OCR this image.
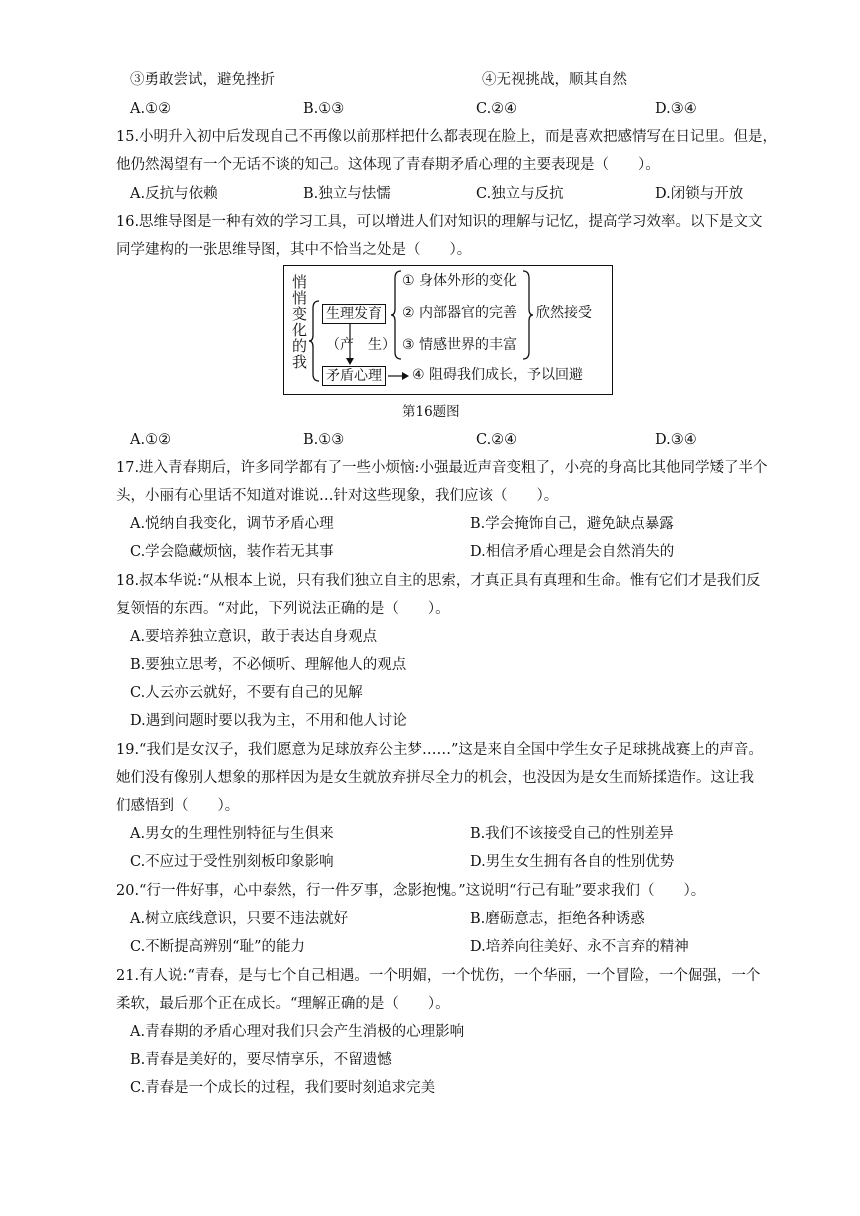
③勇敢尝试，避免挫折	④无视挑战，顺其自然
A.①②	B.①③	C.②④	D.③④
15.小明升入初中后发现自己不再像以前那样把什么都表现在脸上，而是喜欢把感情写在日记里。但是，
他仍然渴望有一个无话不谈的知己。这体现了青春期矛盾心理的主要表现是（　　）。
A.反抗与依赖	B.独立与怯懦	C.独立与反抗	D.闭锁与开放
16.思维导图是一种有效的学习工具，可以增进人们对知识的理解与记忆，提高学习效率。以下是文文
同学建构的一张思维导图，其中不恰当之处是（　　）。
悄悄变化的我 生理发育
（产　生）
矛盾心理
① 身体外形的变化
② 内部器官的完善
③ 情感世界的丰富
欣然接受
④ 阻碍我们成长，予以回避
第16题图
A.①②	B.①③	C.②④	D.③④
17.进入青春期后，许多同学都有了一些小烦恼:小强最近声音变粗了，小亮的身高比其他同学矮了半个
头，小丽有心里话不知道对谁说…针对这些现象，我们应该（　　）。
A.悦纳自我变化，调节矛盾心理	B.学会掩饰自己，避免缺点暴露
C.学会隐藏烦恼，装作若无其事	D.相信矛盾心理是会自然消失的
18.叔本华说:“从根本上说，只有我们独立自主的思索，才真正具有真理和生命。惟有它们才是我们反
复领悟的东西。“对此，下列说法正确的是（　　）。
A.要培养独立意识，敢于表达自身观点
B.要独立思考，不必倾听、理解他人的观点
C.人云亦云就好，不要有自己的见解
D.遇到问题时要以我为主，不用和他人讨论
19.“我们是女汉子，我们愿意为足球放弃公主梦……”这是来自全国中学生女子足球挑战赛上的声音。
她们没有像别人想象的那样因为是女生就放弃拼尽全力的机会，也没因为是女生而矫揉造作。这让我
们感悟到（　　）。
A.男女的生理性别特征与生俱来	B.我们不该接受自己的性别差异
C.不应过于受性别刻板印象影响	D.男生女生拥有各自的性别优势
20.“行一件好事，心中泰然，行一件歹事，念影抱愧。”这说明“行己有耻”要求我们（　　）。
A.树立底线意识，只要不违法就好	B.磨砺意志，拒绝各种诱惑
C.不断提高辨别“耻”的能力	D.培养向往美好、永不言弃的精神
21.有人说:“青春，是与七个自己相遇。一个明媚，一个忧伤，一个华丽，一个冒险，一个倔强，一个
柔软，最后那个正在成长。“理解正确的是（　　）。
A.青春期的矛盾心理对我们只会产生消极的心理影响
B.青春是美好的，要尽情享乐，不留遗憾
C.青春是一个成长的过程，我们要时刻追求完美
